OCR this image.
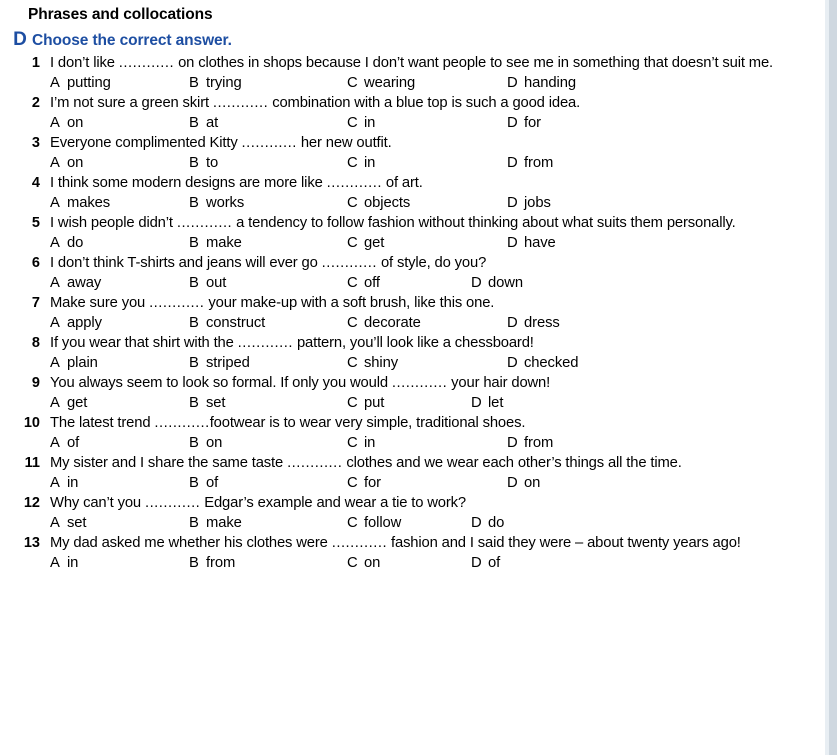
Phrases and collocations
D Choose the correct answer.
1 I don’t like ............ on clothes in shops because I don’t want people to see me in something that doesn’t suit me.
A putting	B trying	C wearing	D handing
2 I’m not sure a green skirt ............ combination with a blue top is such a good idea.
A on	B at	C in	D for
3 Everyone complimented Kitty ............ her new outfit.
A on	B to	C in	D from
4 I think some modern designs are more like ............ of art.
A makes	B works	C objects	D jobs
5 I wish people didn’t ............ a tendency to follow fashion without thinking about what suits them personally.
A do	B make	C get	D have
6 I don’t think T-shirts and jeans will ever go ............ of style, do you?
A away	B out	C off	D down
7 Make sure you ............ your make-up with a soft brush, like this one.
A apply	B construct	C decorate	D dress
8 If you wear that shirt with the ............ pattern, you’ll look like a chessboard!
A plain	B striped	C shiny	D checked
9 You always seem to look so formal. If only you would ............ your hair down!
A get	B set	C put	D let
10 The latest trend ............footwear is to wear very simple, traditional shoes.
A of	B on	C in	D from
11 My sister and I share the same taste ............ clothes and we wear each other’s things all the time.
A in	B of	C for	D on
12 Why can’t you ............ Edgar’s example and wear a tie to work?
A set	B make	C follow	D do
13 My dad asked me whether his clothes were ............ fashion and I said they were – about twenty years ago!
A in	B from	C on	D of
